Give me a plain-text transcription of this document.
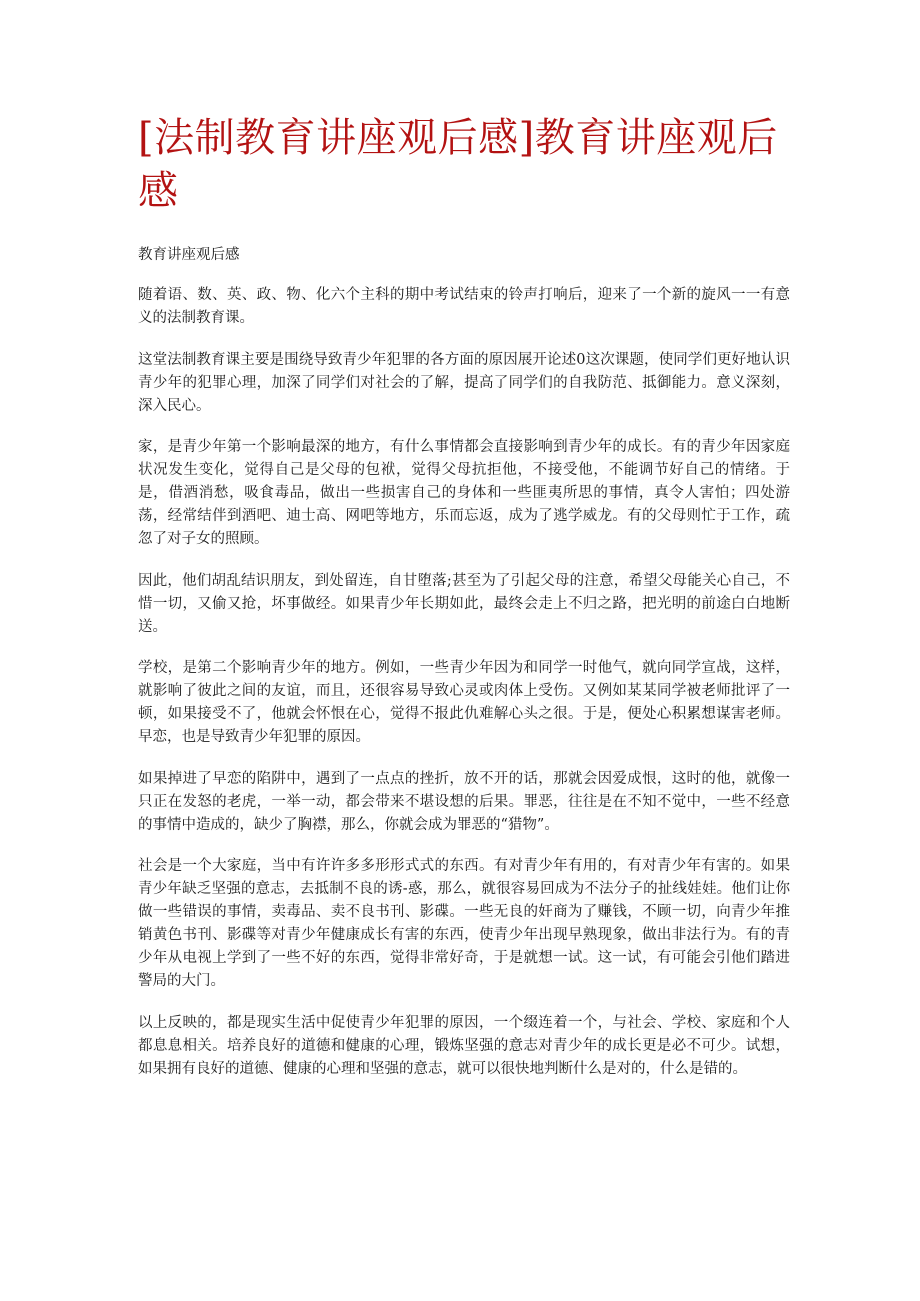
[法制教育讲座观后感]教育讲座观后感

教育讲座观后感

随着语、数、英、政、物、化六个主科的期中考试结束的铃声打响后，迎来了一个新的旋风一一有意义的法制教育课。

这堂法制教育课主要是围绕导致青少年犯罪的各方面的原因展开论述0这次课题，使同学们更好地认识青少年的犯罪心理，加深了同学们对社会的了解，提高了同学们的自我防范、抵御能力。意义深刻，深入民心。

家，是青少年第一个影响最深的地方，有什么事情都会直接影响到青少年的成长。有的青少年因家庭状况发生变化，觉得自己是父母的包袱，觉得父母抗拒他，不接受他，不能调节好自己的情绪。于是，借酒消愁，吸食毒品，做出一些损害自己的身体和一些匪夷所思的事情，真令人害怕；四处游荡，经常结伴到酒吧、迪士高、网吧等地方，乐而忘返，成为了逃学威龙。有的父母则忙于工作，疏忽了对子女的照顾。

因此，他们胡乱结识朋友，到处留连，自甘堕落;甚至为了引起父母的注意，希望父母能关心自己，不惜一切，又偷又抢，坏事做经。如果青少年长期如此，最终会走上不归之路，把光明的前途白白地断送。

学校，是第二个影响青少年的地方。例如，一些青少年因为和同学一时他气，就向同学宣战，这样，就影响了彼此之间的友谊，而且，还很容易导致心灵或肉体上受伤。又例如某某同学被老师批评了一顿，如果接受不了，他就会怀恨在心，觉得不报此仇难解心头之很。于是，便处心积累想谋害老师。早恋，也是导致青少年犯罪的原因。

如果掉进了早恋的陷阱中，遇到了一点点的挫折，放不开的话，那就会因爱成恨，这时的他，就像一只正在发怒的老虎，一举一动，都会带来不堪设想的后果。罪恶，往往是在不知不觉中，一些不经意的事情中造成的，缺少了胸襟，那么，你就会成为罪恶的“猎物”。

社会是一个大家庭，当中有许许多多形形式式的东西。有对青少年有用的，有对青少年有害的。如果青少年缺乏坚强的意志，去抵制不良的诱-惑，那么，就很容易回成为不法分子的扯线娃娃。他们让你做一些错误的事情，卖毒品、卖不良书刊、影碟。一些无良的奸商为了赚钱，不顾一切，向青少年推销黄色书刊、影碟等对青少年健康成长有害的东西，使青少年出现早熟现象，做出非法行为。有的青少年从电视上学到了一些不好的东西，觉得非常好奇，于是就想一试。这一试，有可能会引他们踏进警局的大门。

以上反映的，都是现实生活中促使青少年犯罪的原因，一个缀连着一个，与社会、学校、家庭和个人都息息相关。培养良好的道德和健康的心理，锻炼坚强的意志对青少年的成长更是必不可少。试想，如果拥有良好的道德、健康的心理和坚强的意志，就可以很快地判断什么是对的，什么是错的。
